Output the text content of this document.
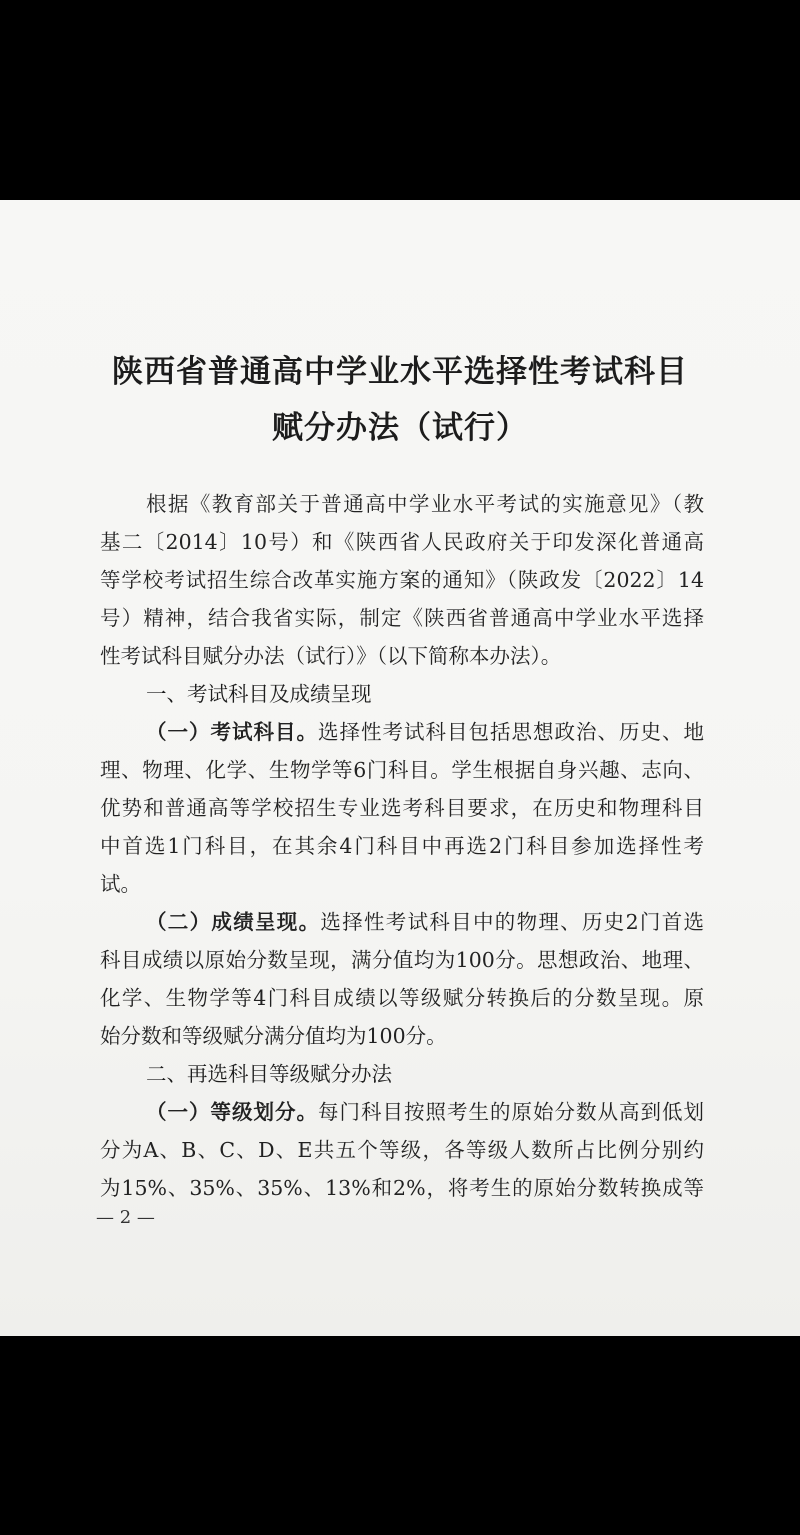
陕西省普通高中学业水平选择性考试科目
赋分办法（试行）
根据《教育部关于普通高中学业水平考试的实施意见》（教
基二〔2014〕10号）和《陕西省人民政府关于印发深化普通高
等学校考试招生综合改革实施方案的通知》（陕政发〔2022〕14
号）精神，结合我省实际，制定《陕西省普通高中学业水平选择
性考试科目赋分办法（试行）》（以下简称本办法）。
一、考试科目及成绩呈现
（一）考试科目。选择性考试科目包括思想政治、历史、地
理、物理、化学、生物学等6门科目。学生根据自身兴趣、志向、
优势和普通高等学校招生专业选考科目要求，在历史和物理科目
中首选1门科目，在其余4门科目中再选2门科目参加选择性考
试。
（二）成绩呈现。选择性考试科目中的物理、历史2门首选
科目成绩以原始分数呈现，满分值均为100分。思想政治、地理、
化学、生物学等4门科目成绩以等级赋分转换后的分数呈现。原
始分数和等级赋分满分值均为100分。
二、再选科目等级赋分办法
（一）等级划分。每门科目按照考生的原始分数从高到低划
分为A、B、C、D、E共五个等级，各等级人数所占比例分别约
为15%、35%、35%、13%和2%，将考生的原始分数转换成等
— 2 —
